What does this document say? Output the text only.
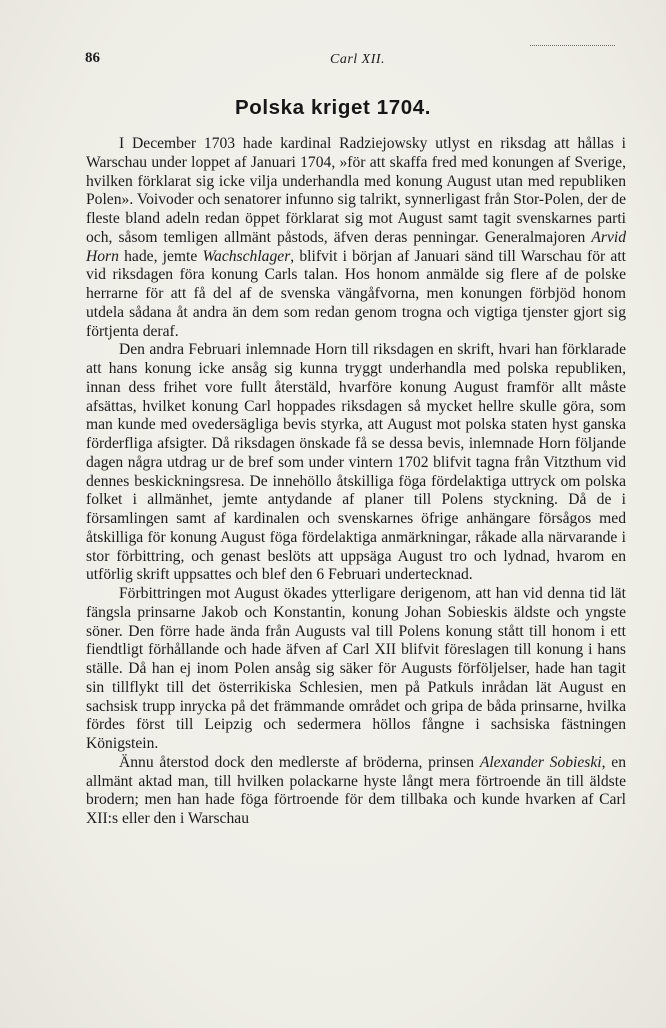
86	Carl XII.
Polska kriget 1704.

I December 1703 hade kardinal Radziejowsky utlyst en riksdag att hållas i Warschau under loppet af Januari 1704, »för att skaffa fred med konungen af Sverige, hvilken förklarat sig icke vilja underhandla med konung August utan med republiken Polen». Voivoder och senatorer infunno sig talrikt, synnerligast från Stor-Polen, der de fleste bland adeln redan öppet förklarat sig mot August samt tagit svenskarnes parti och, såsom temligen allmänt påstods, äfven deras penningar. Generalmajoren Arvid Horn hade, jemte Wachschlager, blifvit i början af Januari sänd till Warschau för att vid riksdagen föra konung Carls talan. Hos honom anmälde sig flere af de polske herrarne för att få del af de svenska vängåfvorna, men konungen förbjöd honom utdela sådana åt andra än dem som redan genom trogna och vigtiga tjenster gjort sig förtjenta deraf.

Den andra Februari inlemnade Horn till riksdagen en skrift, hvari han förklarade att hans konung icke ansåg sig kunna tryggt underhandla med polska republiken, innan dess frihet vore fullt återstäld, hvarföre konung August framför allt måste afsättas, hvilket konung Carl hoppades riksdagen så mycket hellre skulle göra, som man kunde med ovedersägliga bevis styrka, att August mot polska staten hyst ganska förderfliga afsigter. Då riksdagen önskade få se dessa bevis, inlemnade Horn följande dagen några utdrag ur de bref som under vintern 1702 blifvit tagna från Vitzthum vid dennes beskickningsresa. De innehöllo åtskilliga föga fördelaktiga uttryck om polska folket i allmänhet, jemte antydande af planer till Polens styckning. Då de i församlingen samt af kardinalen och svenskarnes öfrige anhängare försågos med åtskilliga för konung August föga fördelaktiga anmärkningar, råkade alla närvarande i stor förbittring, och genast beslöts att uppsäga August tro och lydnad, hvarom en utförlig skrift uppsattes och blef den 6 Februari undertecknad.

Förbittringen mot August ökades ytterligare derigenom, att han vid denna tid lät fängsla prinsarne Jakob och Konstantin, konung Johan Sobieskis äldste och yngste söner. Den förre hade ända från Augusts val till Polens konung stått till honom i ett fiendtligt förhållande och hade äfven af Carl XII blifvit föreslagen till konung i hans ställe. Då han ej inom Polen ansåg sig säker för Augusts förföljelser, hade han tagit sin tillflykt till det österrikiska Schlesien, men på Patkuls inrådan lät August en sachsisk trupp inrycka på det främmande området och gripa de båda prinsarne, hvilka fördes först till Leipzig och sedermera höllos fångne i sachsiska fästningen Königstein.

Ännu återstod dock den medlerste af bröderna, prinsen Alexander Sobieski, en allmänt aktad man, till hvilken polackarne hyste långt mera förtroende än till äldste brodern; men han hade föga förtroende för dem tillbaka och kunde hvarken af Carl XII:s eller den i Warschau
